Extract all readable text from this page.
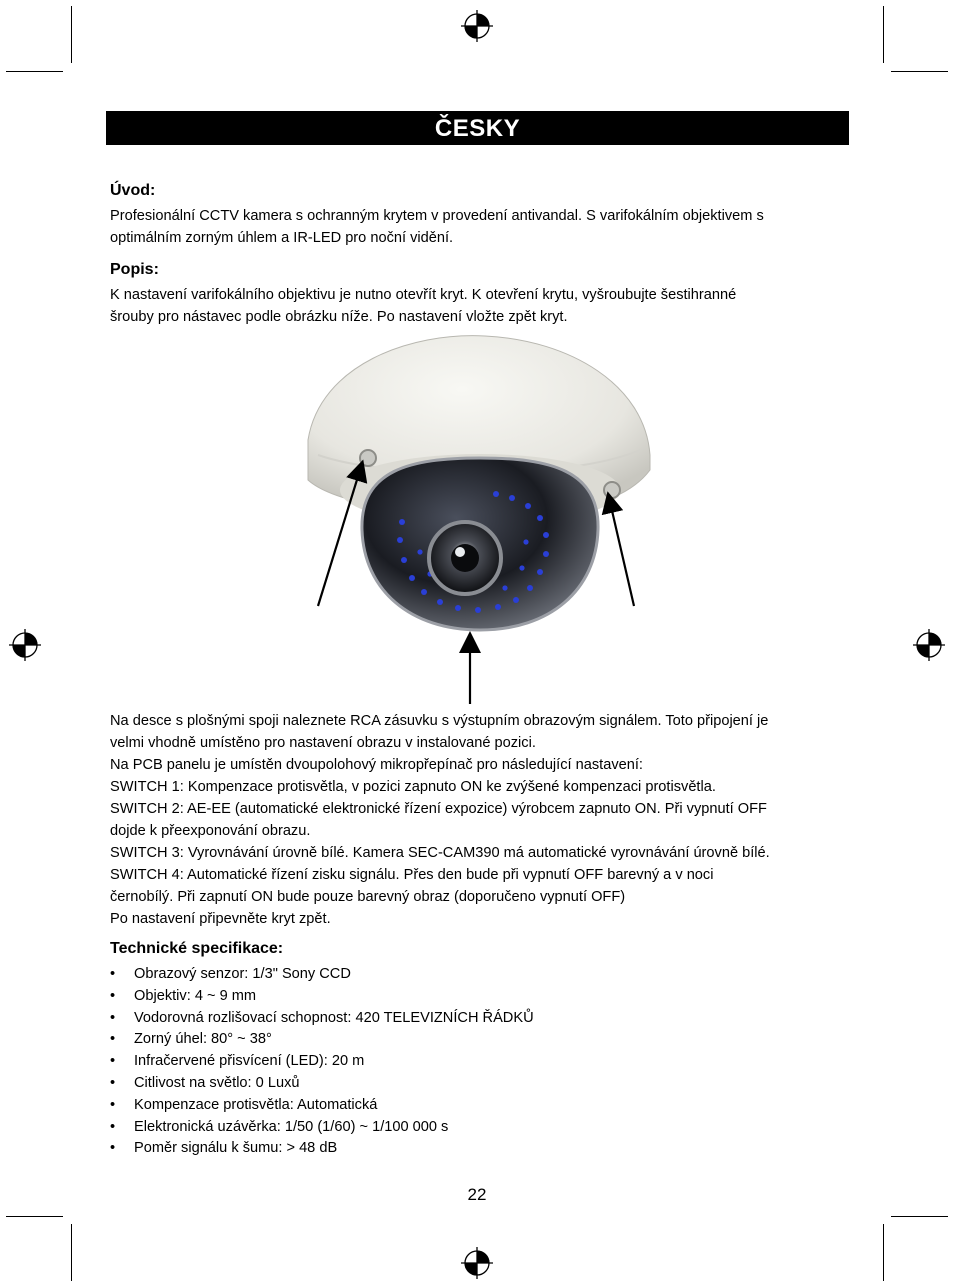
ČESKY
Úvod:
Profesionální CCTV kamera s ochranným krytem v provedení antivandal. S varifokálním objektivem s
optimálním zorným úhlem a IR-LED pro noční vidění.
Popis:
K nastavení varifokálního objektivu je nutno otevřít kryt. K otevření krytu, vyšroubujte šestihranné
šrouby pro nástavec podle obrázku níže. Po nastavení vložte zpět kryt.
Na desce s plošnými spoji naleznete RCA zásuvku s výstupním obrazovým signálem. Toto připojení je
velmi vhodně umístěno pro nastavení obrazu v instalované pozici.
Na PCB panelu je umístěn dvoupolohový mikropřepínač pro následující nastavení:
SWITCH 1: Kompenzace protisvětla, v pozici zapnuto ON ke zvýšené kompenzaci protisvětla.
SWITCH 2: AE-EE (automatické elektronické řízení expozice) výrobcem zapnuto ON. Při vypnutí OFF
dojde k přeexponování obrazu.
SWITCH 3: Vyrovnávání úrovně bílé. Kamera SEC-CAM390 má automatické vyrovnávání úrovně bílé.
SWITCH 4: Automatické řízení zisku signálu. Přes den bude při vypnutí OFF barevný a v noci
černobílý. Při zapnutí ON bude pouze barevný obraz (doporučeno vypnutí OFF)
Po nastavení připevněte kryt zpět.
Technické specifikace:
• Obrazový senzor: 1/3" Sony CCD
• Objektiv: 4 ~ 9 mm
• Vodorovná rozlišovací schopnost: 420 TELEVIZNÍCH ŘÁDKŮ
• Zorný úhel: 80° ~ 38°
• Infračervené přisvícení (LED): 20 m
• Citlivost na světlo: 0 Luxů
• Kompenzace protisvětla: Automatická
• Elektronická uzávěrka: 1/50 (1/60) ~ 1/100 000 s
• Poměr signálu k šumu: > 48 dB
22
